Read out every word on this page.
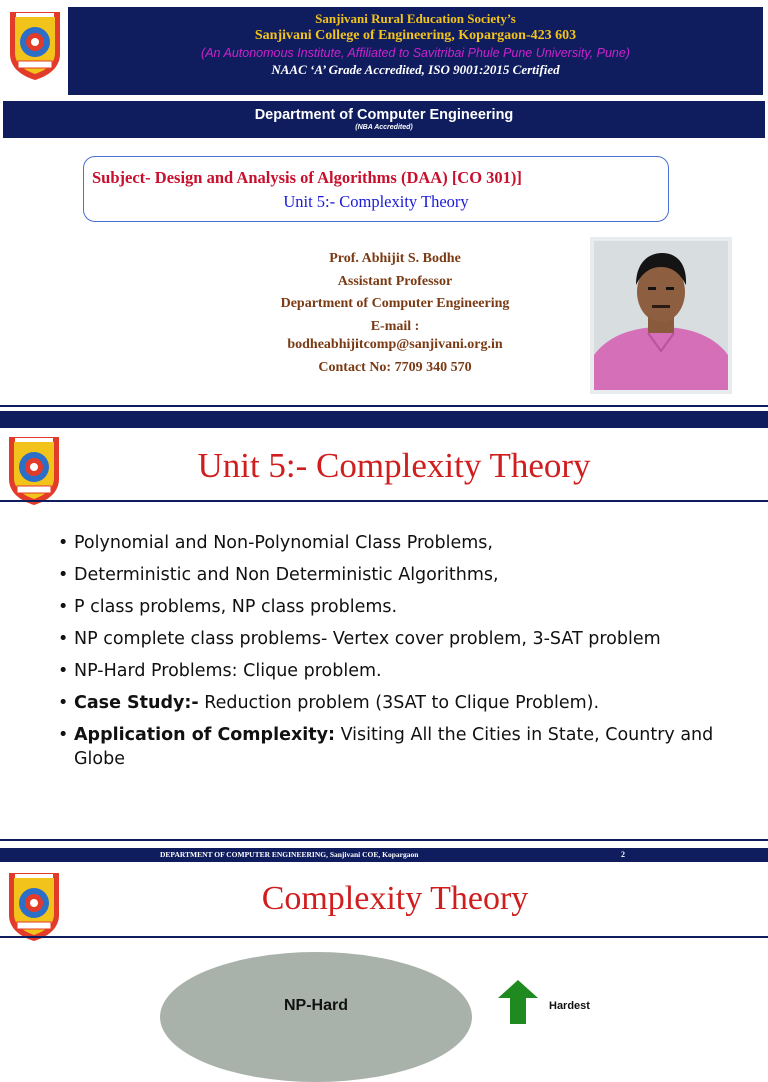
Sanjivani Rural Education Society’s
Sanjivani College of Engineering, Kopargaon-423 603
(An Autonomous Institute, Affiliated to Savitribai Phule Pune University, Pune)
NAAC ‘A’ Grade Accredited, ISO 9001:2015 Certified
Department of Computer Engineering
(NBA Accredited)
Subject- Design and Analysis of Algorithms (DAA) [CO 301)]
Unit 5:- Complexity Theory
Prof. Abhijit S. Bodhe
Assistant Professor
Department of Computer Engineering
E-mail :
bodheabhijitcomp@sanjivani.org.in
Contact No: 7709 340 570
Unit 5:- Complexity Theory
• Polynomial and Non-Polynomial Class Problems,
• Deterministic and Non Deterministic Algorithms,
• P class problems, NP class problems.
• NP complete class problems- Vertex cover problem, 3-SAT problem
• NP-Hard Problems: Clique problem.
• Case Study:- Reduction problem (3SAT to Clique Problem).
• Application of Complexity: Visiting All the Cities in State, Country and Globe
DEPARTMENT OF COMPUTER ENGINEERING, Sanjivani COE, Kopargaon	2
Complexity Theory
NP-Hard	Hardest
